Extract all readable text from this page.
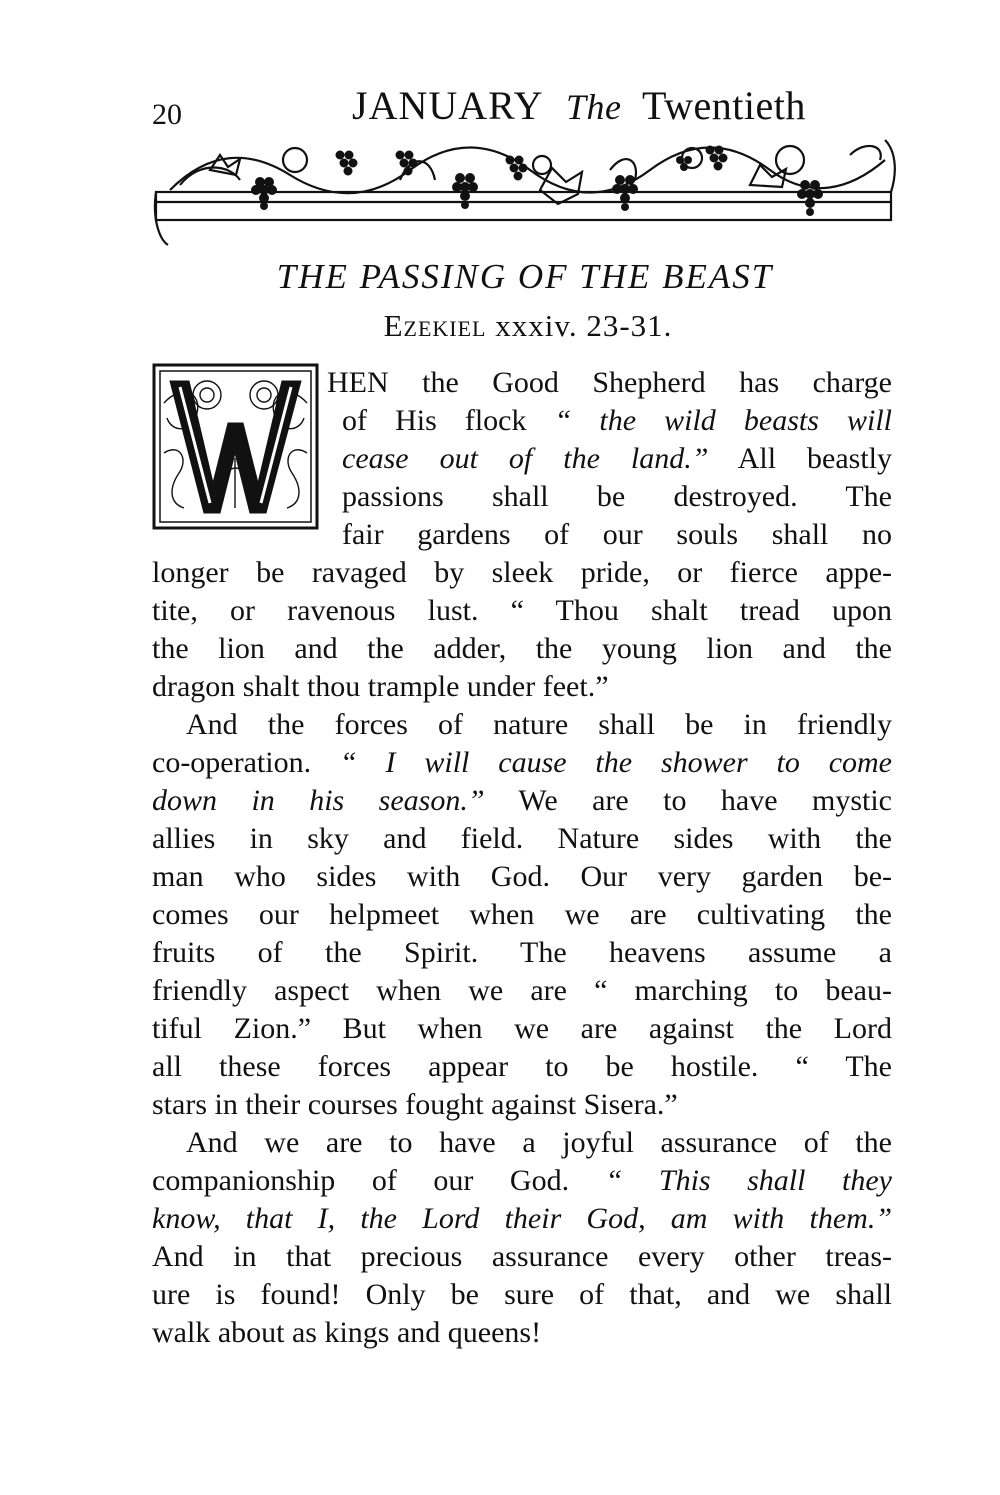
20	JANUARY The Twentieth
THE PASSING OF THE BEAST
Ezekiel xxxiv. 23-31.
HEN the Good Shepherd has charge
of His flock “ the wild beasts will
cease out of the land.” All beastly
passions shall be destroyed. The
fair gardens of our souls shall no
longer be ravaged by sleek pride, or fierce appe-
tite, or ravenous lust. “ Thou shalt tread upon
the lion and the adder, the young lion and the
dragon shalt thou trample under feet.”
And the forces of nature shall be in friendly
co-operation. “ I will cause the shower to come
down in his season.” We are to have mystic
allies in sky and field. Nature sides with the
man who sides with God. Our very garden be-
comes our helpmeet when we are cultivating the
fruits of the Spirit. The heavens assume a
friendly aspect when we are “ marching to beau-
tiful Zion.” But when we are against the Lord
all these forces appear to be hostile. “ The
stars in their courses fought against Sisera.”
And we are to have a joyful assurance of the
companionship of our God. “ This shall they
know, that I, the Lord their God, am with them.”
And in that precious assurance every other treas-
ure is found! Only be sure of that, and we shall
walk about as kings and queens!
